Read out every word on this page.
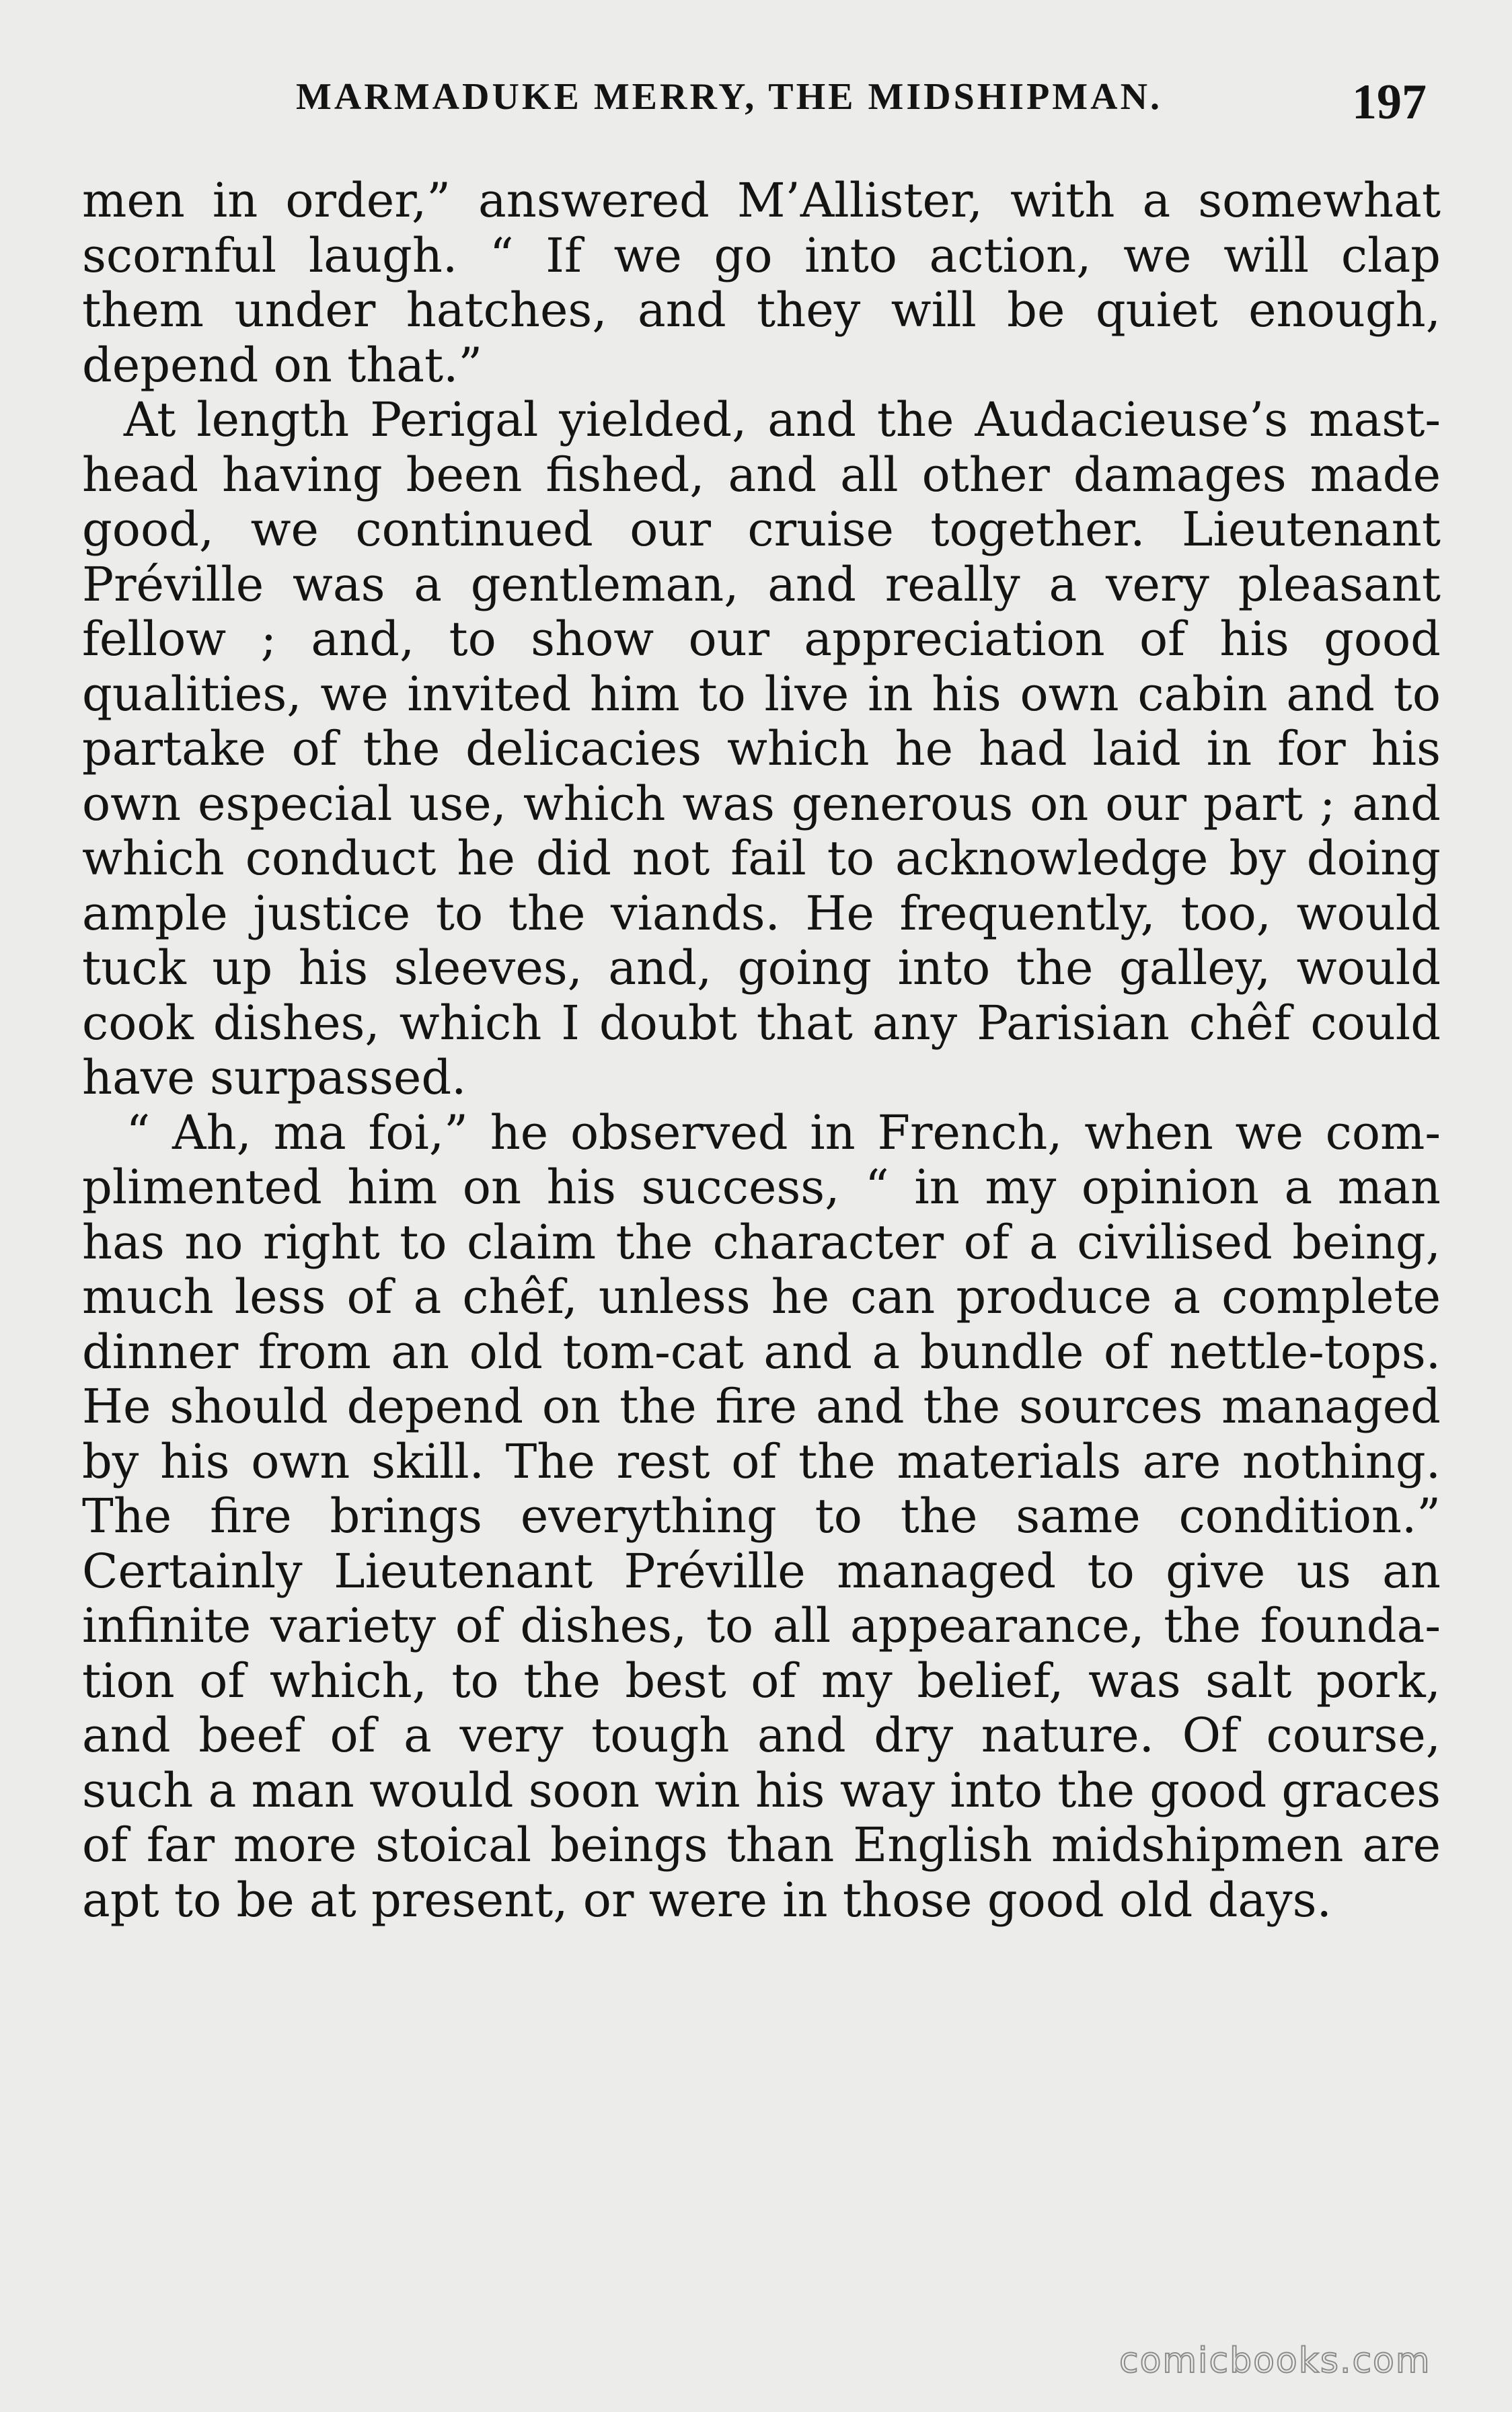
MARMADUKE MERRY, THE MIDSHIPMAN.	197
men in order,” answered M’Allister, with a somewhat
scornful laugh. “ If we go into action, we will clap
them under hatches, and they will be quiet enough,
depend on that.”
At length Perigal yielded, and the Audacieuse’s mast-
head having been fished, and all other damages made
good, we continued our cruise together. Lieutenant
Préville was a gentleman, and really a very pleasant
fellow ; and, to show our appreciation of his good
qualities, we invited him to live in his own cabin and to
partake of the delicacies which he had laid in for his
own especial use, which was generous on our part ; and
which conduct he did not fail to acknowledge by doing
ample justice to the viands. He frequently, too, would
tuck up his sleeves, and, going into the galley, would
cook dishes, which I doubt that any Parisian chêf could
have surpassed.
“ Ah, ma foi,” he observed in French, when we com-
plimented him on his success, “ in my opinion a man
has no right to claim the character of a civilised being,
much less of a chêf, unless he can produce a complete
dinner from an old tom-cat and a bundle of nettle-tops.
He should depend on the fire and the sources managed
by his own skill. The rest of the materials are nothing.
The fire brings everything to the same condition.”
Certainly Lieutenant Préville managed to give us an
infinite variety of dishes, to all appearance, the founda-
tion of which, to the best of my belief, was salt pork,
and beef of a very tough and dry nature. Of course,
such a man would soon win his way into the good graces
of far more stoical beings than English midshipmen are
apt to be at present, or were in those good old days.
comicbooks.com
